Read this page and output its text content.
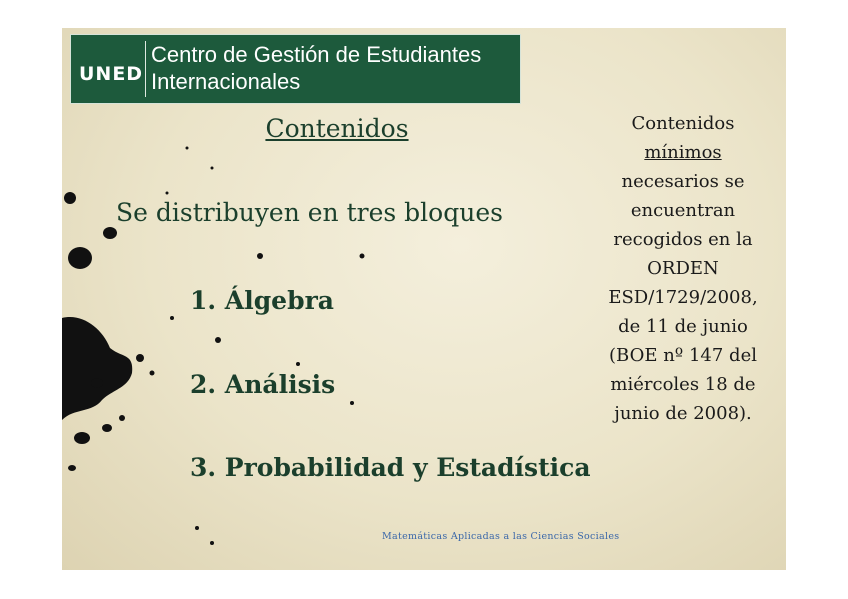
UNED
Centro de Gestión de Estudiantes
Internacionales
Contenidos
Se distribuyen en tres bloques
1. Álgebra
2. Análisis
3. Probabilidad y Estadística
Contenidos
mínimos
necesarios se
encuentran
recogidos en la
ORDEN
ESD/1729/2008,
de 11 de junio
(BOE nº 147 del
miércoles 18 de
junio de 2008).
Matemáticas Aplicadas a las Ciencias Sociales
